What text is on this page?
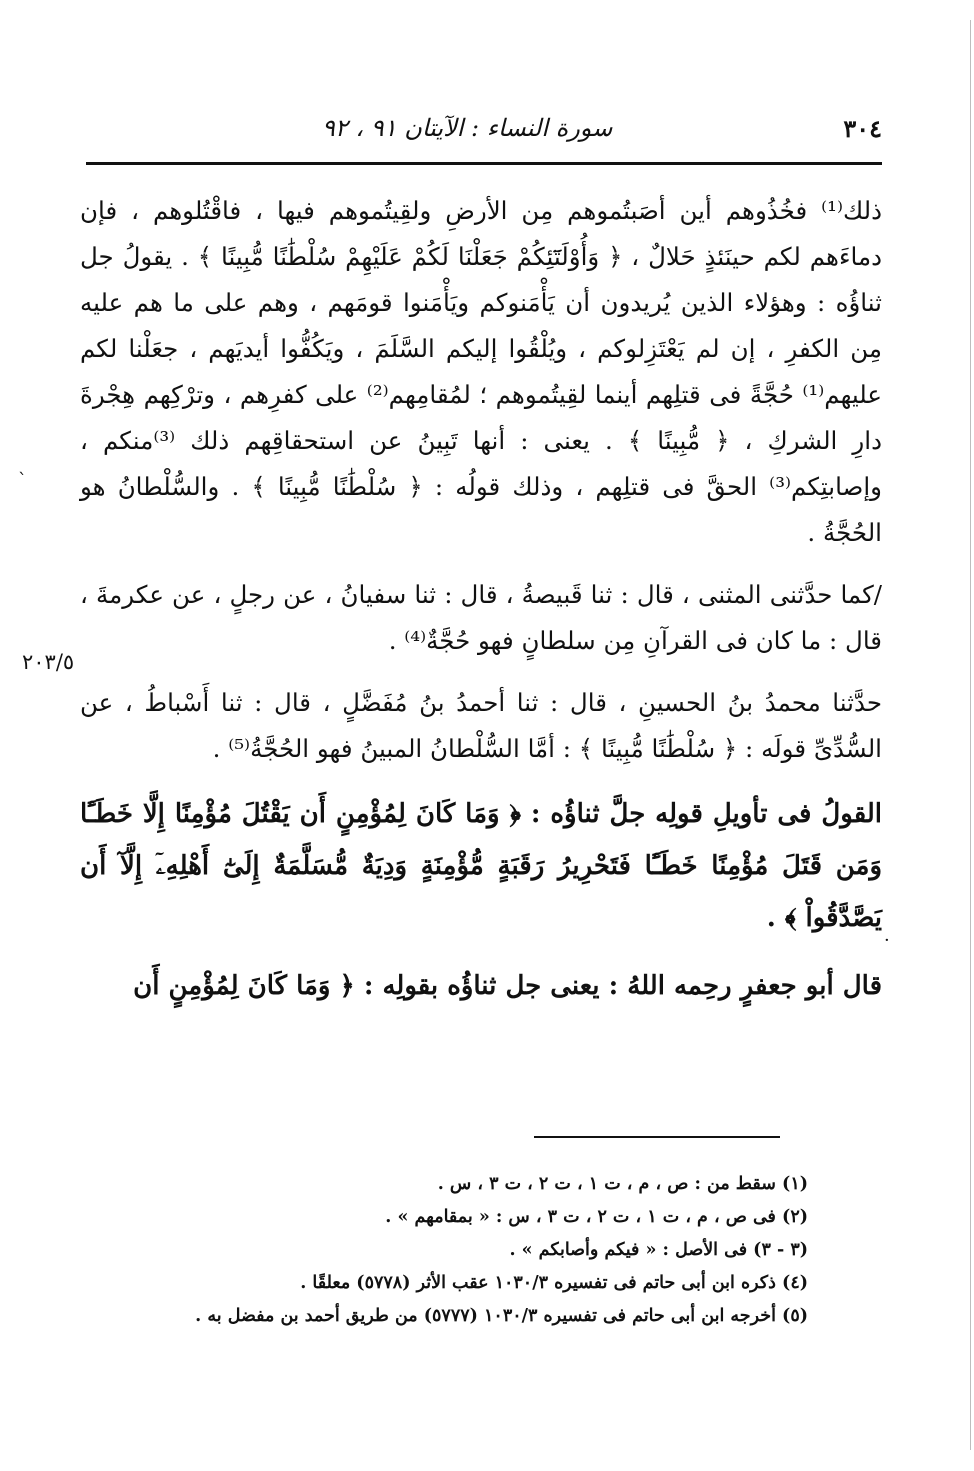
٣٠٤
سورة النساء : الآيتان ٩١ ، ٩٢
٢٠٣/٥
`
·

ذلك⁽¹⁾ فخُذُوهم أين أصَبتُموهم مِن الأرضِ ولقِيتُموهم فيها ، فاقْتُلوهم ، فإن دماءَهم لكم حينَئذٍ حَلالٌ ، ﴿ وَأُوْلَتَٓئِكُمْ جَعَلْنَا لَكُمْ عَلَيْهِمْ سُلْطَٰنًا مُّبِينًا ﴾ . يقولُ جل ثناؤُه : وهؤلاء الذين يُريدون أن يَأْمَنوكم ويَأْمَنوا قومَهم ، وهم على ما هم عليه مِن الكفرِ ، إن لم يَعْتَزِلوكم ، ويُلْقُوا إليكم السَّلَمَ ، ويَكُفُّوا أيديَهم ، جعَلْنا لكم عليهم⁽¹⁾ حُجَّةً فى قتلِهم أينما لقِيتُموهم ؛ لمُقامِهم⁽²⁾ على كفرِهم ، وترْكِهم هِجْرةَ دارِ الشركِ ، ﴿ مُّبِينًا ﴾ . يعنى : أنها تَبِينُ عن استحقاقِهم ذلك ⁽³⁾منكم ، وإصابتِكم⁽³⁾ الحقَّ فى قتلِهم ، وذلك قولُه : ﴿ سُلْطَٰنًا مُّبِينًا ﴾ . والسُّلْطانُ هو الحُجَّةُ .

/كما حدَّثنى المثنى ، قال : ثنا قَبيصةُ ، قال : ثنا سفيانُ ، عن رجلٍ ، عن عكرمةَ ، قال : ما كان فى القرآنِ مِن سلطانٍ فهو حُجَّةٌ⁽⁴⁾ .

حدَّثنا محمدُ بنُ الحسينِ ، قال : ثنا أحمدُ بنُ مُفَضَّلٍ ، قال : ثنا أَسْباطُ ، عن السُّدِّىِّ قولَه : ﴿ سُلْطَٰنًا مُّبِينًا ﴾ : أمَّا السُّلْطانُ المبينُ فهو الحُجَّةُ⁽⁵⁾ .

القولُ فى تأويلِ قولِه جلَّ ثناؤُه : ﴿ وَمَا كَانَ لِمُؤْمِنٍ أَن يَقْتُلَ مُؤْمِنًا إِلَّا خَطَـًٔا وَمَن قَتَلَ مُؤْمِنًا خَطَـًٔا فَتَحْرِيرُ رَقَبَةٍ مُّؤْمِنَةٍ وَدِيَةٌ مُّسَلَّمَةٌ إِلَىٰٓ أَهْلِهِۦٓ إِلَّآ أَن يَصَّدَّقُواْ ﴾ .

قال أبو جعفرٍ رحِمه اللهُ : يعنى جل ثناؤُه بقولِه : ﴿ وَمَا كَانَ لِمُؤْمِنٍ أَن

(١) سقط من : ص ، م ، ت ١ ، ت ٢ ، ت ٣ ، س .
(٢) فى ص ، م ، ت ١ ، ت ٢ ، ت ٣ ، س : « بمقامهم » .
(٣ - ٣) فى الأصل : « فيكم وأصابكم » .
(٤) ذكره ابن أبى حاتم فى تفسيره ١٠٣٠/٣ عقب الأثر (٥٧٧٨) معلقًا .
(٥) أخرجه ابن أبى حاتم فى تفسيره ١٠٣٠/٣ (٥٧٧٧) من طريق أحمد بن مفضل به .
